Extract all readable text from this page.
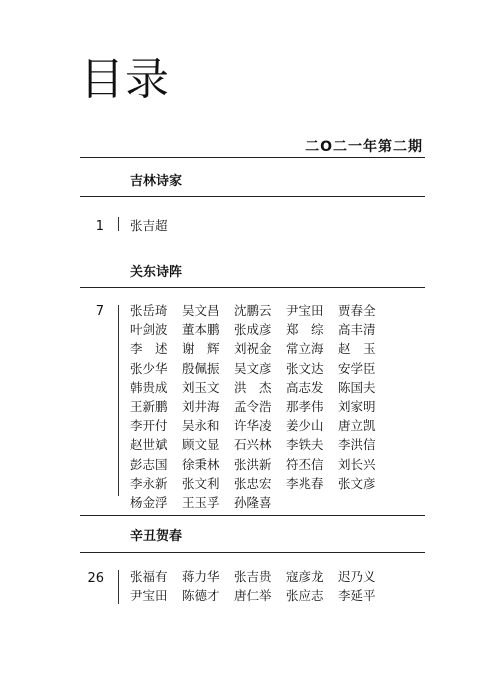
目录
二O二一年第二期
吉林诗家
1 张吉超
关东诗阵
7 张岳琦	吴文昌	沈鹏云	尹宝田	贾春全
叶剑波	董本鹏	张成彦	郑　综	高丰清
李　述	谢　辉	刘祝金	常立海	赵　玉
张少华	殷佩振	吴文彦	张文达	安学臣
韩贵成	刘玉文	洪　杰	高志发	陈国夫
王新鹏	刘井海	孟令浩	那孝伟	刘家明
李开付	吴永和	许华凌	姜少山	唐立凯
赵世斌	顾文显	石兴林	李铁夫	李洪信
彭志国	徐秉林	张洪新	符丕信	刘长兴
李永新	张文利	张忠宏	李兆春	张文彦
杨金浮	王玉孚	孙隆喜
辛丑贺春
26 张福有	蒋力华	张吉贵	寇彦龙	迟乃义
尹宝田	陈德才	唐仁举	张应志	李延平
